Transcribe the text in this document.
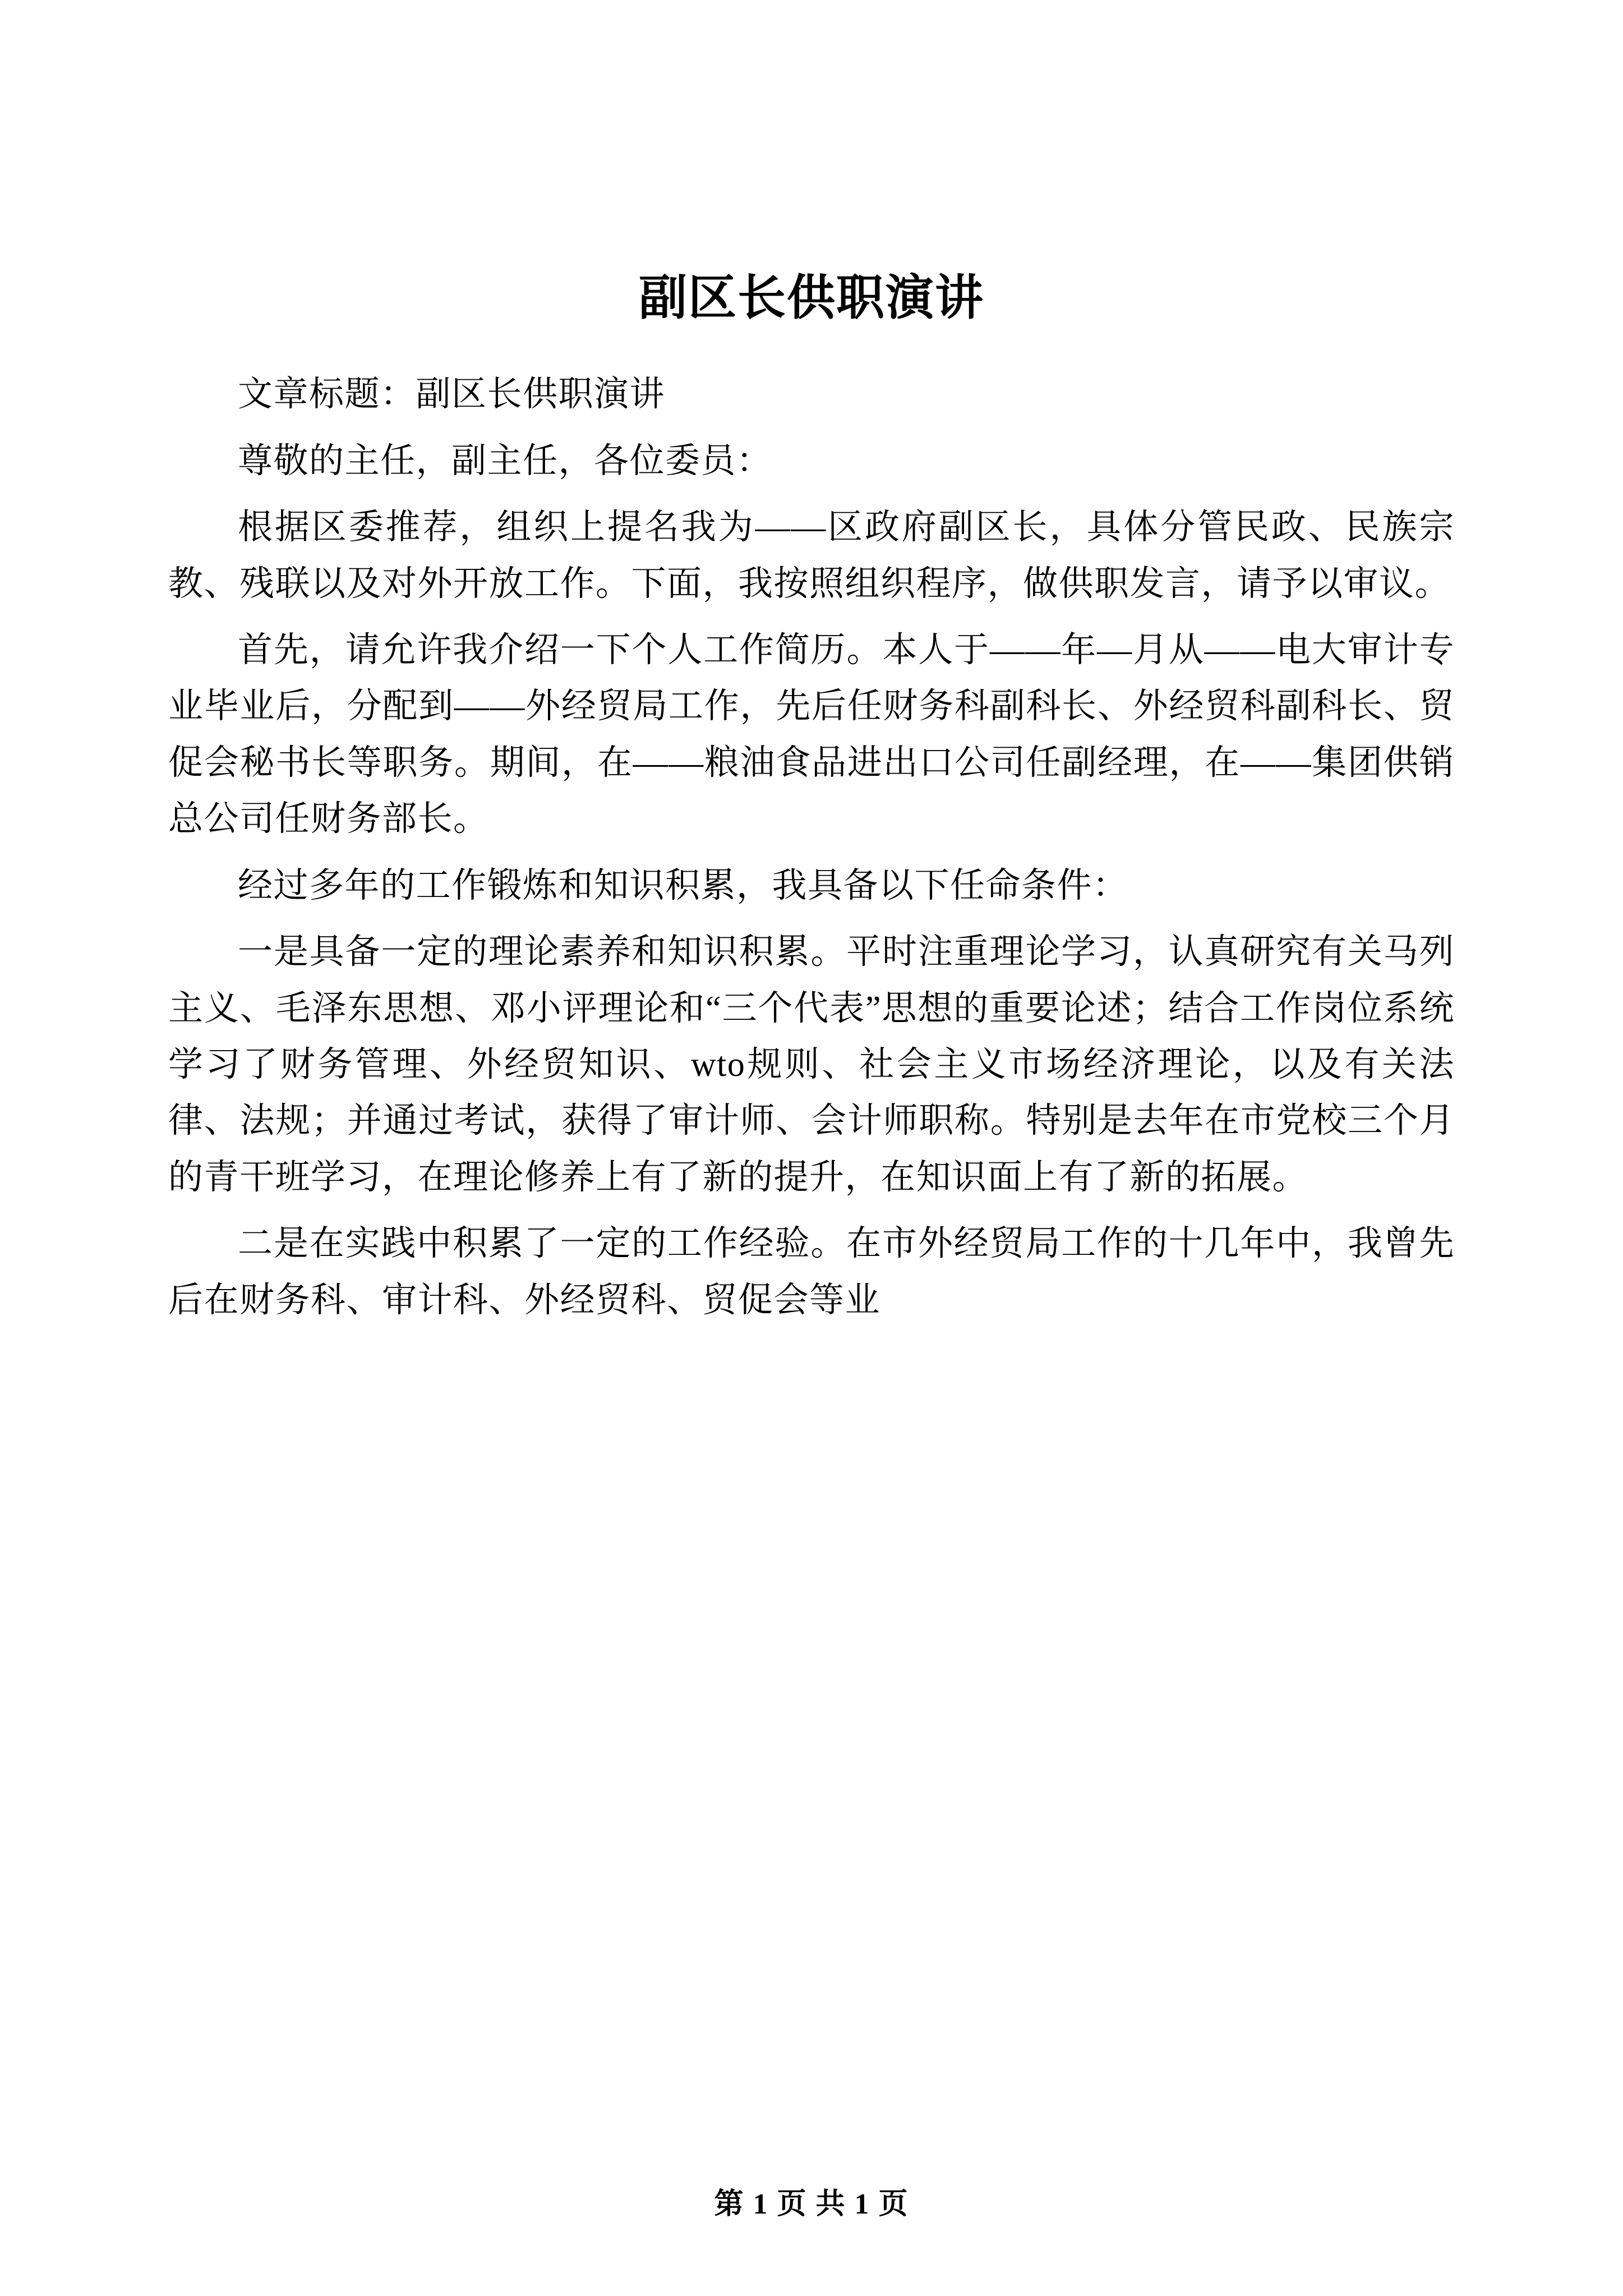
副区长供职演讲

文章标题：副区长供职演讲

尊敬的主任，副主任，各位委员：

根据区委推荐，组织上提名我为——区政府副区长，具体分管民政、民族宗教、残联以及对外开放工作。下面，我按照组织程序，做供职发言，请予以审议。

首先，请允许我介绍一下个人工作简历。本人于——年—月从——电大审计专业毕业后，分配到——外经贸局工作，先后任财务科副科长、外经贸科副科长、贸促会秘书长等职务。期间，在——粮油食品进出口公司任副经理，在——集团供销总公司任财务部长。

经过多年的工作锻炼和知识积累，我具备以下任命条件：

一是具备一定的理论素养和知识积累。平时注重理论学习，认真研究有关马列主义、毛泽东思想、邓小评理论和“三个代表”思想的重要论述；结合工作岗位系统学习了财务管理、外经贸知识、wto规则、社会主义市场经济理论，以及有关法律、法规；并通过考试，获得了审计师、会计师职称。特别是去年在市党校三个月的青干班学习，在理论修养上有了新的提升，在知识面上有了新的拓展。

二是在实践中积累了一定的工作经验。在市外经贸局工作的十几年中，我曾先后在财务科、审计科、外经贸科、贸促会等业

第 1 页 共 1 页
